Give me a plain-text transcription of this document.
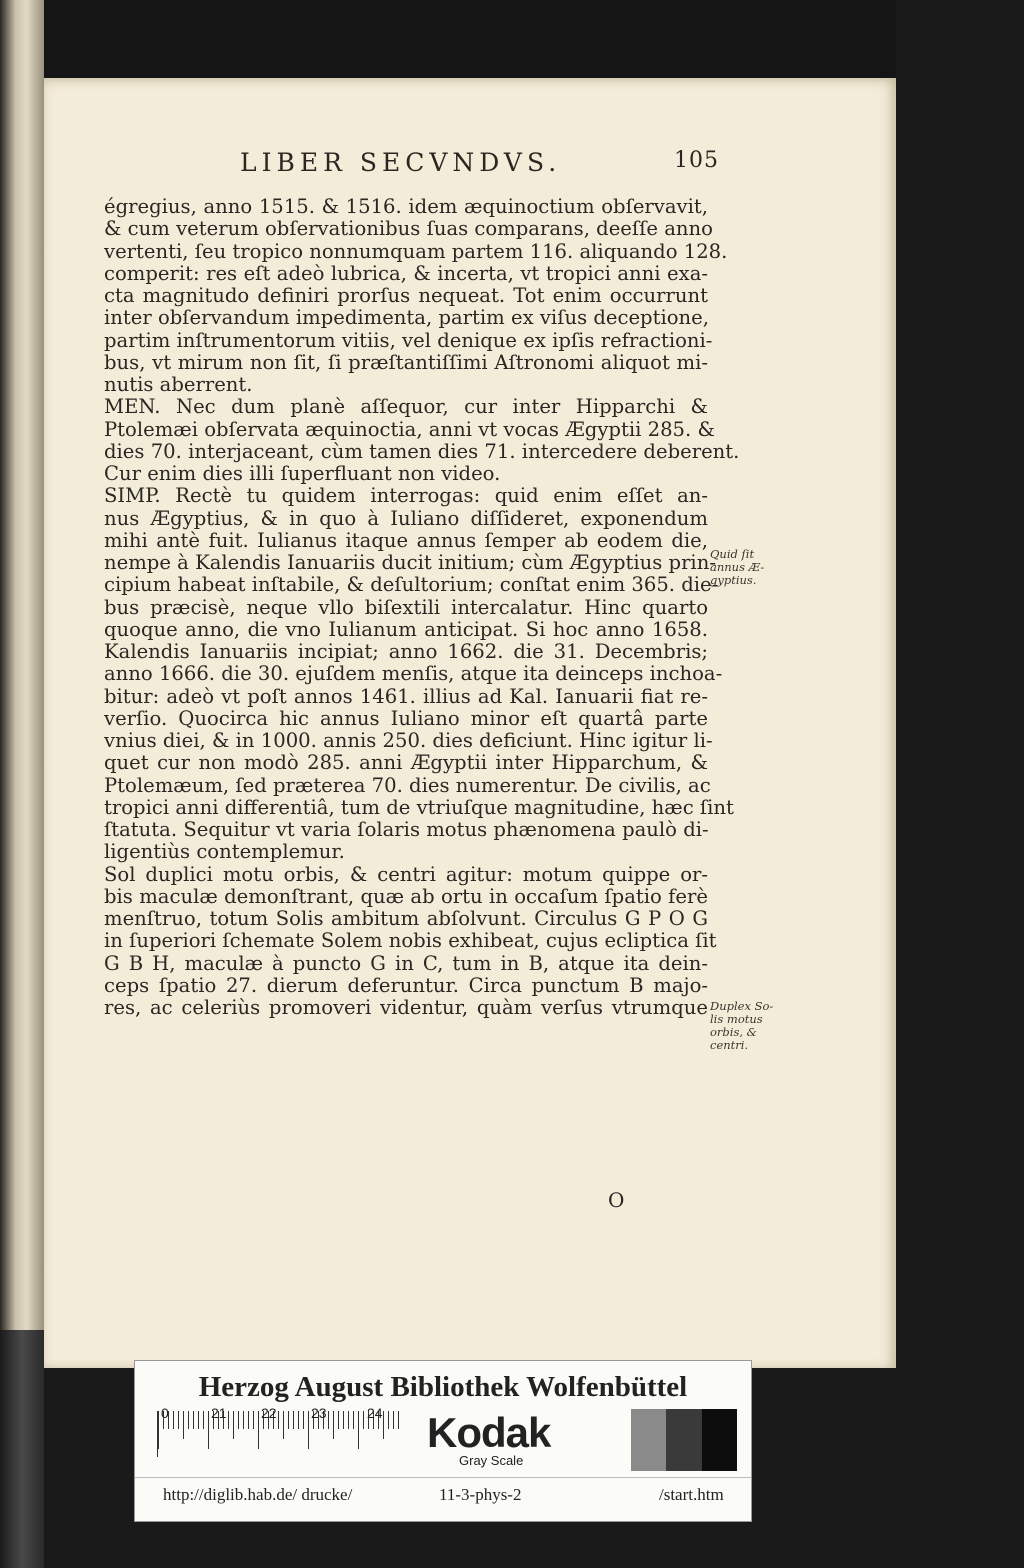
LIBER SECVNDVS.	105
égregius, anno 1515. & 1516. idem æquinoctium obſervavit,
& cum veterum obſervationibus ſuas comparans, deeſſe anno
vertenti, ſeu tropico nonnumquam partem 116. aliquando 128.
comperit: res eſt adeò lubrica, & incerta, vt tropici anni exa-
cta magnitudo definiri prorſus nequeat. Tot enim occurrunt
inter obſervandum impedimenta, partim ex viſus deceptione,
partim inſtrumentorum vitiis, vel denique ex ipſis refractioni-
bus, vt mirum non ſit, ſi præſtantiſſimi Aſtronomi aliquot mi-
nutis aberrent.
MEN. Nec dum planè aſſequor, cur inter Hipparchi &
Ptolemæi obſervata æquinoctia, anni vt vocas Ægyptii 285. &
dies 70. interjaceant, cùm tamen dies 71. intercedere deberent.
Cur enim dies illi ſuperfluant non video.
SIMP. Rectè tu quidem interrogas: quid enim eſſet an-
nus Ægyptius, & in quo à Iuliano diſſideret, exponendum
mihi antè fuit. Iulianus itaque annus ſemper ab eodem die,
nempe à Kalendis Ianuariis ducit initium; cùm Ægyptius prin-
cipium habeat inſtabile, & deſultorium; conſtat enim 365. die-
bus præcisè, neque vllo biſextili intercalatur. Hinc quarto
quoque anno, die vno Iulianum anticipat. Si hoc anno 1658.
Kalendis Ianuariis incipiat; anno 1662. die 31. Decembris;
anno 1666. die 30. ejuſdem menſis, atque ita deinceps inchoa-
bitur: adeò vt poſt annos 1461. illius ad Kal. Ianuarii fiat re-
verſio. Quocirca hic annus Iuliano minor eſt quartâ parte
vnius diei, & in 1000. annis 250. dies deficiunt. Hinc igitur li-
quet cur non modò 285. anni Ægyptii inter Hipparchum, &
Ptolemæum, ſed præterea 70. dies numerentur. De civilis, ac
tropici anni differentiâ, tum de vtriuſque magnitudine, hæc ſint
ſtatuta. Sequitur vt varia ſolaris motus phænomena paulò di-
ligentiùs contemplemur.
Sol duplici motu orbis, & centri agitur: motum quippe or-
bis maculæ demonſtrant, quæ ab ortu in occaſum ſpatio ferè
menſtruo, totum Solis ambitum abſolvunt. Circulus G P O G
in ſuperiori ſchemate Solem nobis exhibeat, cujus ecliptica ſit
G B H, maculæ à puncto G in C, tum in B, atque ita dein-
ceps ſpatio 27. dierum deferuntur. Circa punctum B majo-
res, ac celeriùs promoveri videntur, quàm verſus vtrumque
Quid ſit
annus Æ-
gyptius.
Duplex So-
lis motus
orbis, &
centri.
O
Herzog August Bibliothek Wolfenbüttel
0	21 22 23	24 Kodak
Gray Scale
http://diglib.hab.de/ drucke/	11-3-phys-2	/start.htm
